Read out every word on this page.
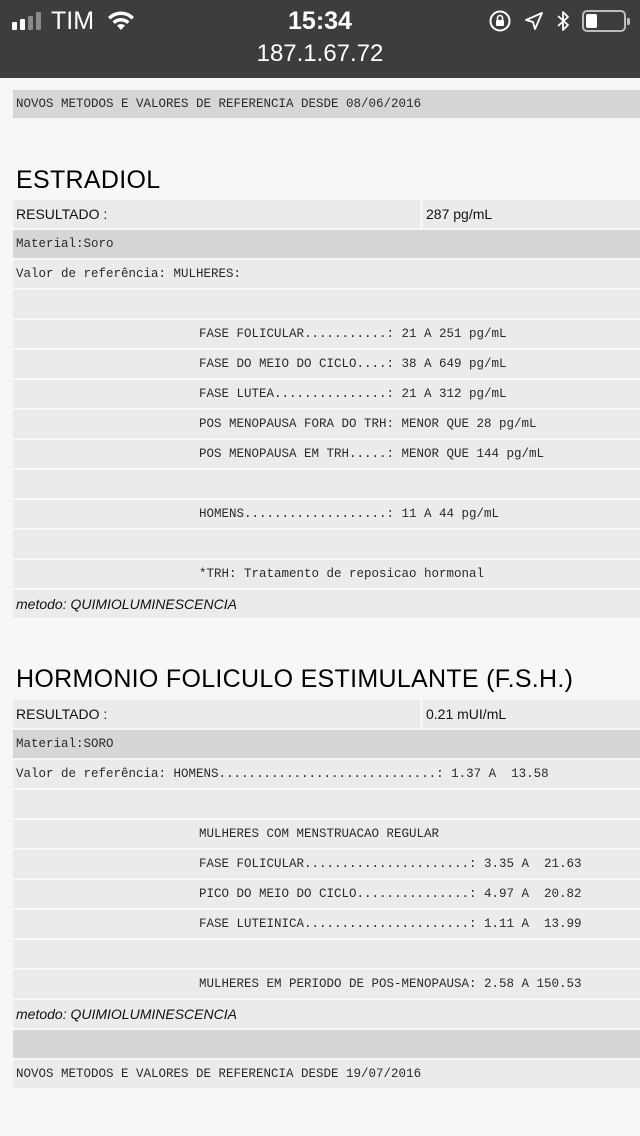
TIM	15:34
187.1.67.72
NOVOS METODOS E VALORES DE REFERENCIA DESDE 08/06/2016
ESTRADIOL
RESULTADO :	287 pg/mL
Material:Soro
Valor de referência: MULHERES:
FASE FOLICULAR...........: 21 A 251 pg/mL
FASE DO MEIO DO CICLO....: 38 A 649 pg/mL
FASE LUTEA...............: 21 A 312 pg/mL
POS MENOPAUSA FORA DO TRH: MENOR QUE 28 pg/mL
POS MENOPAUSA EM TRH.....: MENOR QUE 144 pg/mL
HOMENS...................: 11 A 44 pg/mL
*TRH: Tratamento de reposicao hormonal
metodo: QUIMIOLUMINESCENCIA
HORMONIO FOLICULO ESTIMULANTE (F.S.H.)
RESULTADO :	0.21 mUI/mL
Material:SORO
Valor de referência: HOMENS.............................: 1.37 A  13.58
MULHERES COM MENSTRUACAO REGULAR
FASE FOLICULAR......................: 3.35 A  21.63
PICO DO MEIO DO CICLO...............: 4.97 A  20.82
FASE LUTEINICA......................: 1.11 A  13.99
MULHERES EM PERIODO DE POS-MENOPAUSA: 2.58 A 150.53
metodo: QUIMIOLUMINESCENCIA
NOVOS METODOS E VALORES DE REFERENCIA DESDE 19/07/2016
